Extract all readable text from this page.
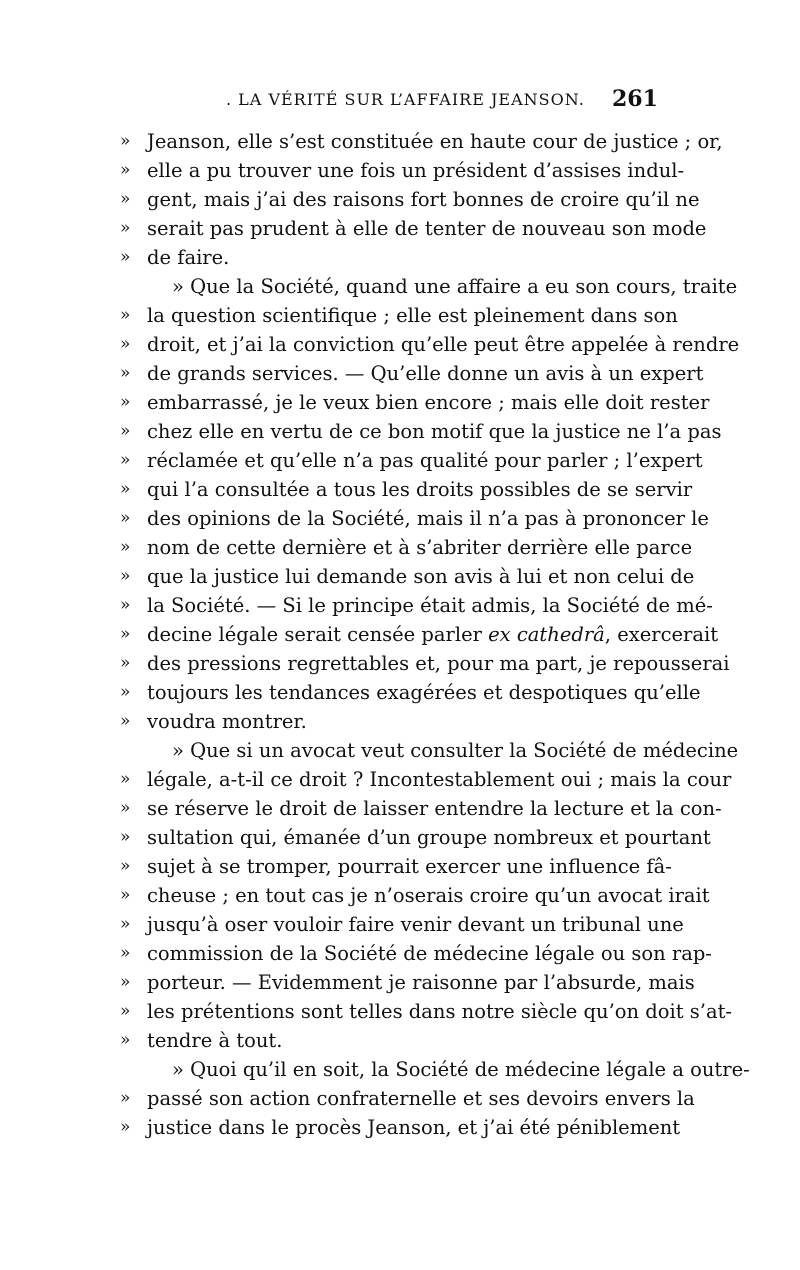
. LA VÉRITÉ SUR L’AFFAIRE JEANSON. 261
» Jeanson, elle s’est constituée en haute cour de justice ; or,
» elle a pu trouver une fois un président d’assises indul-
» gent, mais j’ai des raisons fort bonnes de croire qu’il ne
» serait pas prudent à elle de tenter de nouveau son mode
» de faire.
» Que la Société, quand une affaire a eu son cours, traite
» la question scientifique ; elle est pleinement dans son
» droit, et j’ai la conviction qu’elle peut être appelée à rendre
» de grands services. — Qu’elle donne un avis à un expert
» embarrassé, je le veux bien encore ; mais elle doit rester
» chez elle en vertu de ce bon motif que la justice ne l’a pas
» réclamée et qu’elle n’a pas qualité pour parler ; l’expert
» qui l’a consultée a tous les droits possibles de se servir
» des opinions de la Société, mais il n’a pas à prononcer le
» nom de cette dernière et à s’abriter derrière elle parce
» que la justice lui demande son avis à lui et non celui de
» la Société. — Si le principe était admis, la Société de mé-
» decine légale serait censée parler ex cathedrâ, exercerait
» des pressions regrettables et, pour ma part, je repousserai
» toujours les tendances exagérées et despotiques qu’elle
» voudra montrer.
» Que si un avocat veut consulter la Société de médecine
» légale, a-t-il ce droit ? Incontestablement oui ; mais la cour
» se réserve le droit de laisser entendre la lecture et la con-
» sultation qui, émanée d’un groupe nombreux et pourtant
» sujet à se tromper, pourrait exercer une influence fâ-
» cheuse ; en tout cas je n’oserais croire qu’un avocat irait
» jusqu’à oser vouloir faire venir devant un tribunal une
» commission de la Société de médecine légale ou son rap-
» porteur. — Evidemment je raisonne par l’absurde, mais
» les prétentions sont telles dans notre siècle qu’on doit s’at-
» tendre à tout.
» Quoi qu’il en soit, la Société de médecine légale a outre-
» passé son action confraternelle et ses devoirs envers la
» justice dans le procès Jeanson, et j’ai été péniblement
